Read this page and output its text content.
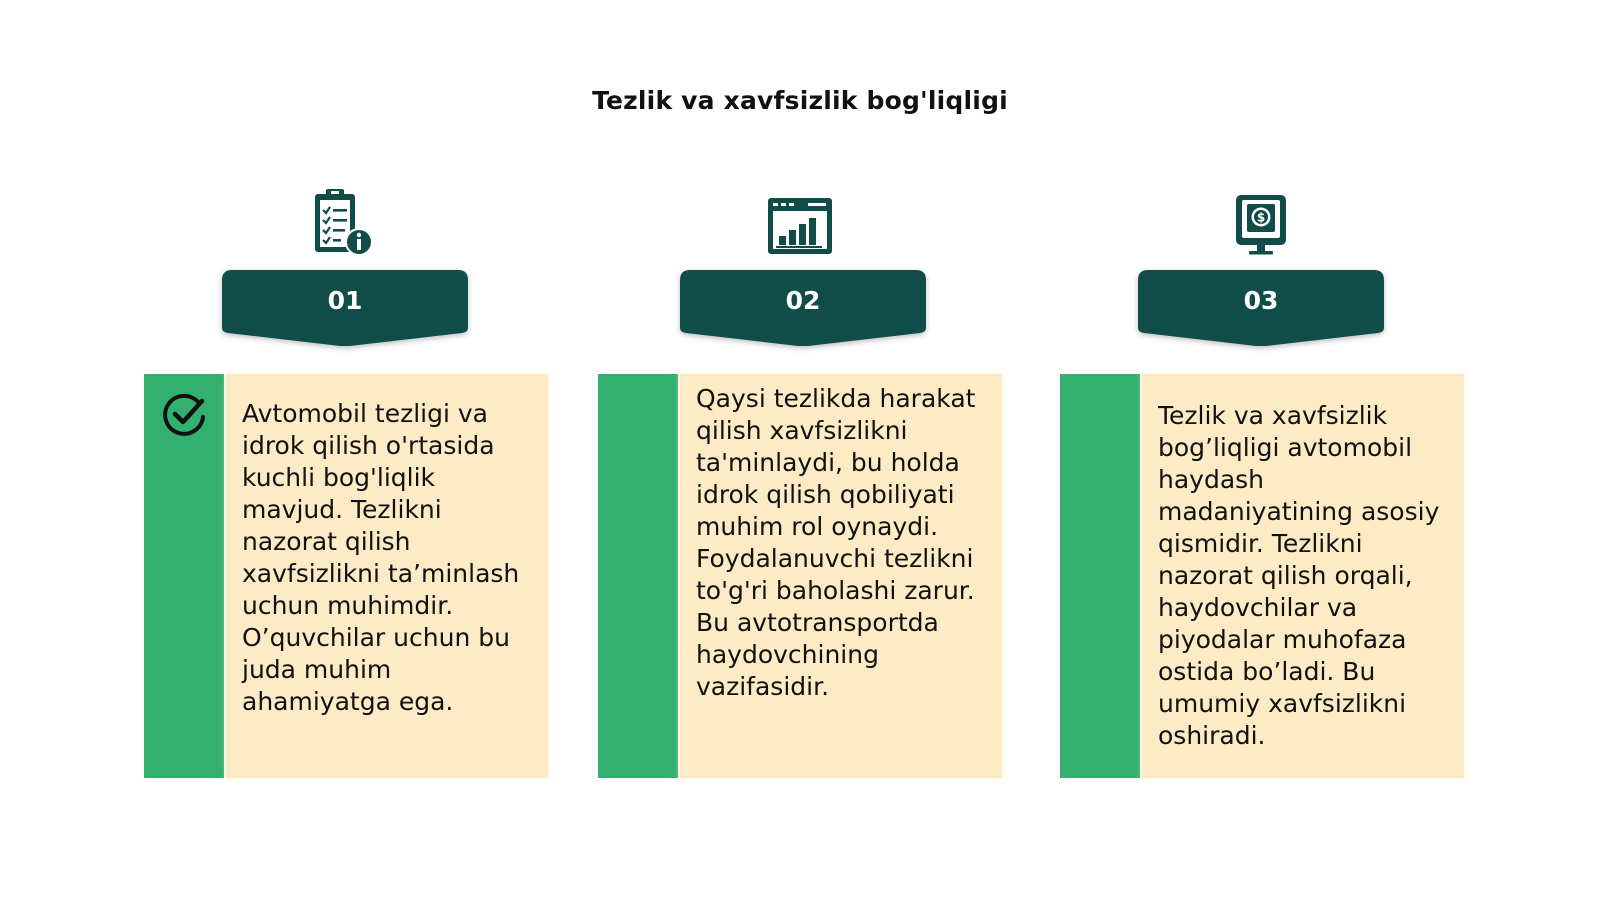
Tezlik va xavfsizlik bog'liqligi
$
01	02	03
Avtomobil tezligi va idrok qilish o'rtasida kuchli bog'liqlik mavjud. Tezlikni nazorat qilish xavfsizlikni ta’minlash uchun muhimdir. O’quvchilar uchun bu juda muhim ahamiyatga ega.
Qaysi tezlikda harakat qilish xavfsizlikni ta'minlaydi, bu holda idrok qilish qobiliyati muhim rol oynaydi. Foydalanuvchi tezlikni to'g'ri baholashi zarur. Bu avtotransportda haydovchining vazifasidir.
Tezlik va xavfsizlik bog’liqligi avtomobil haydash madaniyatining asosiy qismidir. Tezlikni nazorat qilish orqali, haydovchilar va piyodalar muhofaza ostida bo’ladi. Bu umumiy xavfsizlikni oshiradi.
